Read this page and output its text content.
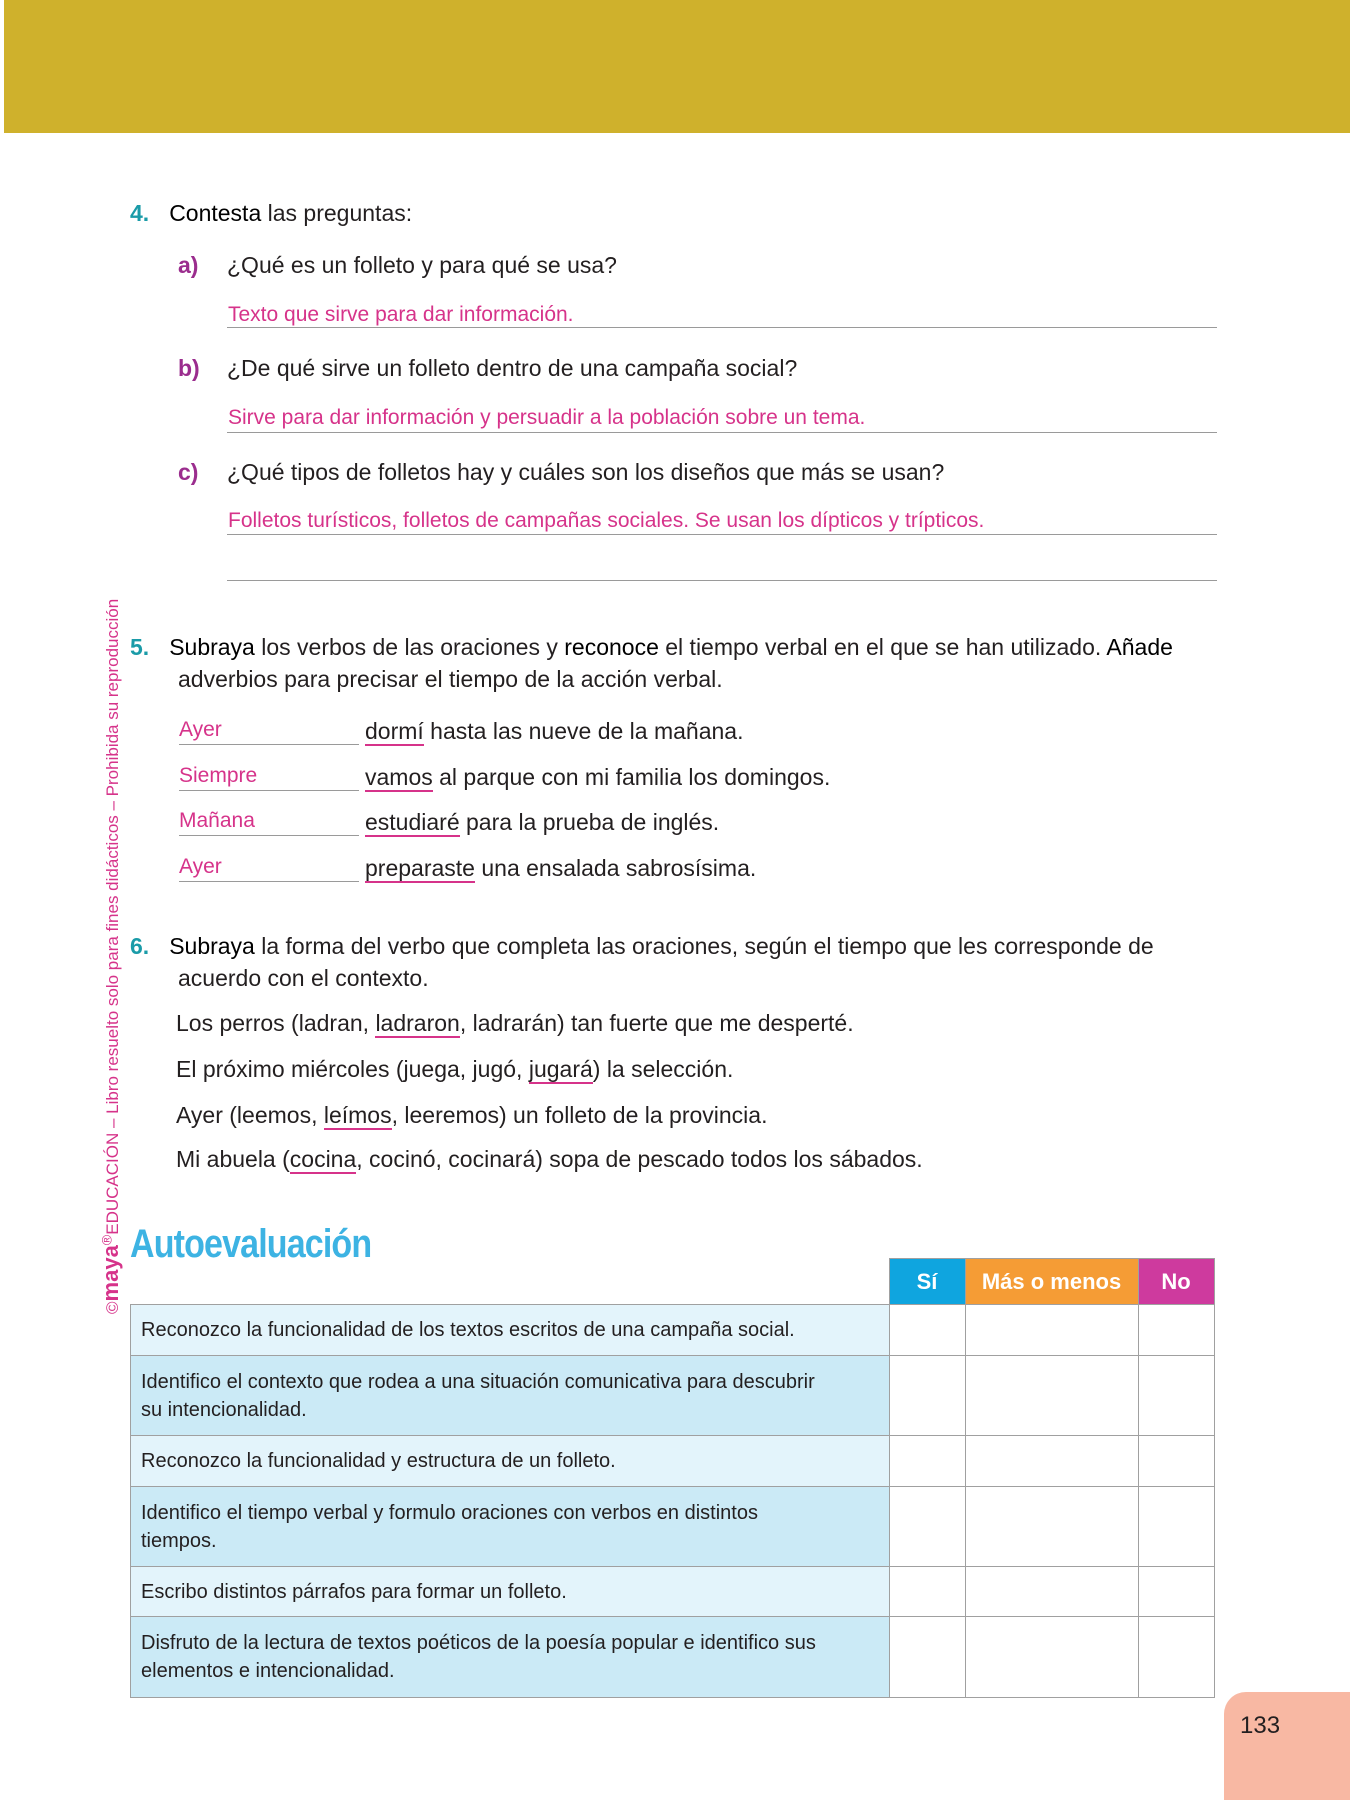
©maya®EDUCACIÓN – Libro resuelto solo para fines didácticos – Prohibida su reproducción
4. Contesta las preguntas:
a) ¿Qué es un folleto y para qué se usa?
Texto que sirve para dar información.
b) ¿De qué sirve un folleto dentro de una campaña social?
Sirve para dar información y persuadir a la población sobre un tema.
c) ¿Qué tipos de folletos hay y cuáles son los diseños que más se usan?
Folletos turísticos, folletos de campañas sociales. Se usan los dípticos y trípticos.
5. Subraya los verbos de las oraciones y reconoce el tiempo verbal en el que se han utilizado. Añade
adverbios para precisar el tiempo de la acción verbal.
Ayer	dormí hasta las nueve de la mañana.
Siempre	vamos al parque con mi familia los domingos.
Mañana	estudiaré para la prueba de inglés.
Ayer	preparaste una ensalada sabrosísima.
6. Subraya la forma del verbo que completa las oraciones, según el tiempo que les corresponde de
acuerdo con el contexto.
Los perros (ladran, ladraron, ladrarán) tan fuerte que me desperté.
El próximo miércoles (juega, jugó, jugará) la selección.
Ayer (leemos, leímos, leeremos) un folleto de la provincia.
Mi abuela (cocina, cocinó, cocinará) sopa de pescado todos los sábados.
Autoevaluación
	Sí	Más o menos	No
Reconozco la funcionalidad de los textos escritos de una campaña social.			
Identifico el contexto que rodea a una situación comunicativa para descubrir su intencionalidad.			
Reconozco la funcionalidad y estructura de un folleto.			
Identifico el tiempo verbal y formulo oraciones con verbos en distintos tiempos.			
Escribo distintos párrafos para formar un folleto.			
Disfruto de la lectura de textos poéticos de la poesía popular e identifico sus elementos e intencionalidad.			
133
